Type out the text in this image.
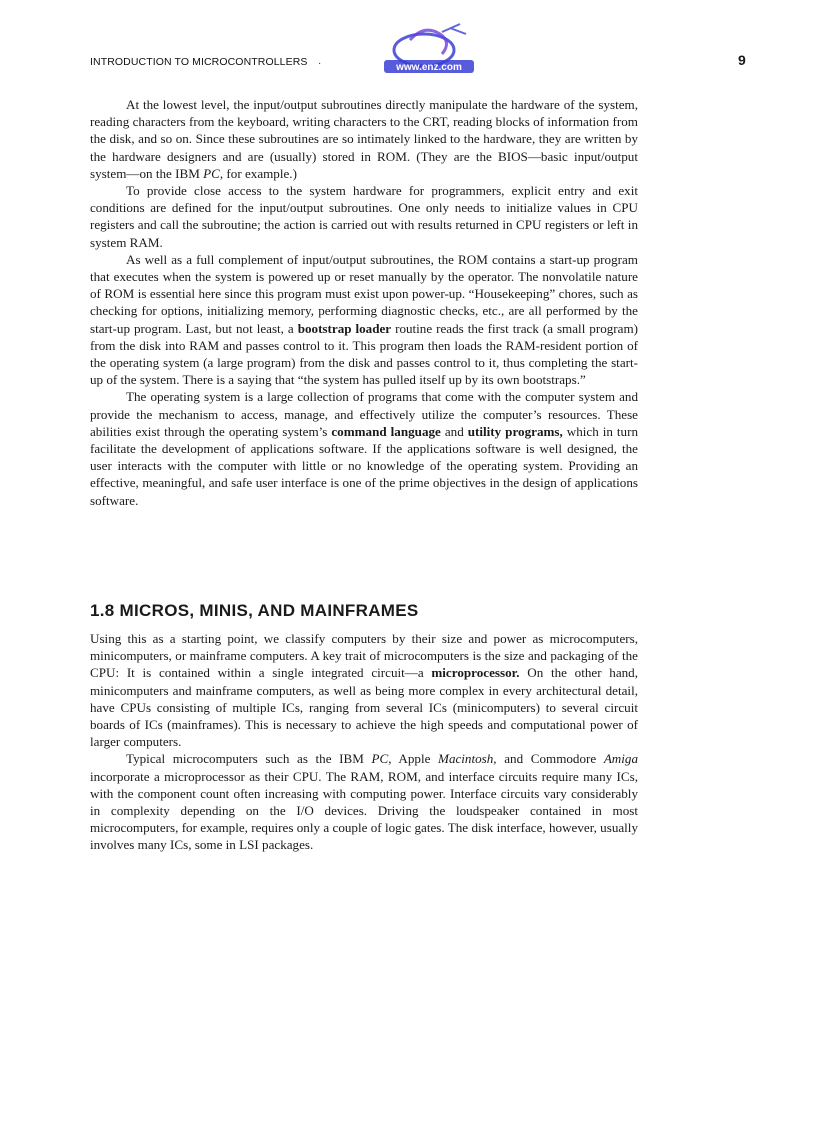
INTRODUCTION TO MICROCONTROLLERS ·	www.enz.com	9

At the lowest level, the input/output subroutines directly manipulate the hardware of the system, reading characters from the keyboard, writing characters to the CRT, reading blocks of information from the disk, and so on. Since these subroutines are so intimately linked to the hardware, they are written by the hardware designers and are (usually) stored in ROM. (They are the BIOS—basic input/output system—on the IBM PC, for example.)

To provide close access to the system hardware for programmers, explicit entry and exit conditions are defined for the input/output subroutines. One only needs to initialize values in CPU registers and call the subroutine; the action is carried out with results returned in CPU registers or left in system RAM.

As well as a full complement of input/output subroutines, the ROM contains a start-up program that executes when the system is powered up or reset manually by the operator. The nonvolatile nature of ROM is essential here since this program must exist upon power-up. “Housekeeping” chores, such as checking for options, initializing memory, performing diagnostic checks, etc., are all performed by the start-up program. Last, but not least, a bootstrap loader routine reads the first track (a small program) from the disk into RAM and passes control to it. This program then loads the RAM-resident portion of the operating system (a large program) from the disk and passes control to it, thus completing the start-up of the system. There is a saying that “the system has pulled itself up by its own bootstraps.”

The operating system is a large collection of programs that come with the computer system and provide the mechanism to access, manage, and effectively utilize the computer’s resources. These abilities exist through the operating system’s command language and utility programs, which in turn facilitate the development of applications software. If the applications software is well designed, the user interacts with the computer with little or no knowledge of the operating system. Providing an effective, meaningful, and safe user interface is one of the prime objectives in the design of applications software.

1.8 MICROS, MINIS, AND MAINFRAMES

Using this as a starting point, we classify computers by their size and power as microcomputers, minicomputers, or mainframe computers. A key trait of microcomputers is the size and packaging of the CPU: It is contained within a single integrated circuit—a microprocessor. On the other hand, minicomputers and mainframe computers, as well as being more complex in every architectural detail, have CPUs consisting of multiple ICs, ranging from several ICs (minicomputers) to several circuit boards of ICs (mainframes). This is necessary to achieve the high speeds and computational power of larger computers.

Typical microcomputers such as the IBM PC, Apple Macintosh, and Commodore Amiga incorporate a microprocessor as their CPU. The RAM, ROM, and interface circuits require many ICs, with the component count often increasing with computing power. Interface circuits vary considerably in complexity depending on the I/O devices. Driving the loudspeaker contained in most microcomputers, for example, requires only a couple of logic gates. The disk interface, however, usually involves many ICs, some in LSI packages.
